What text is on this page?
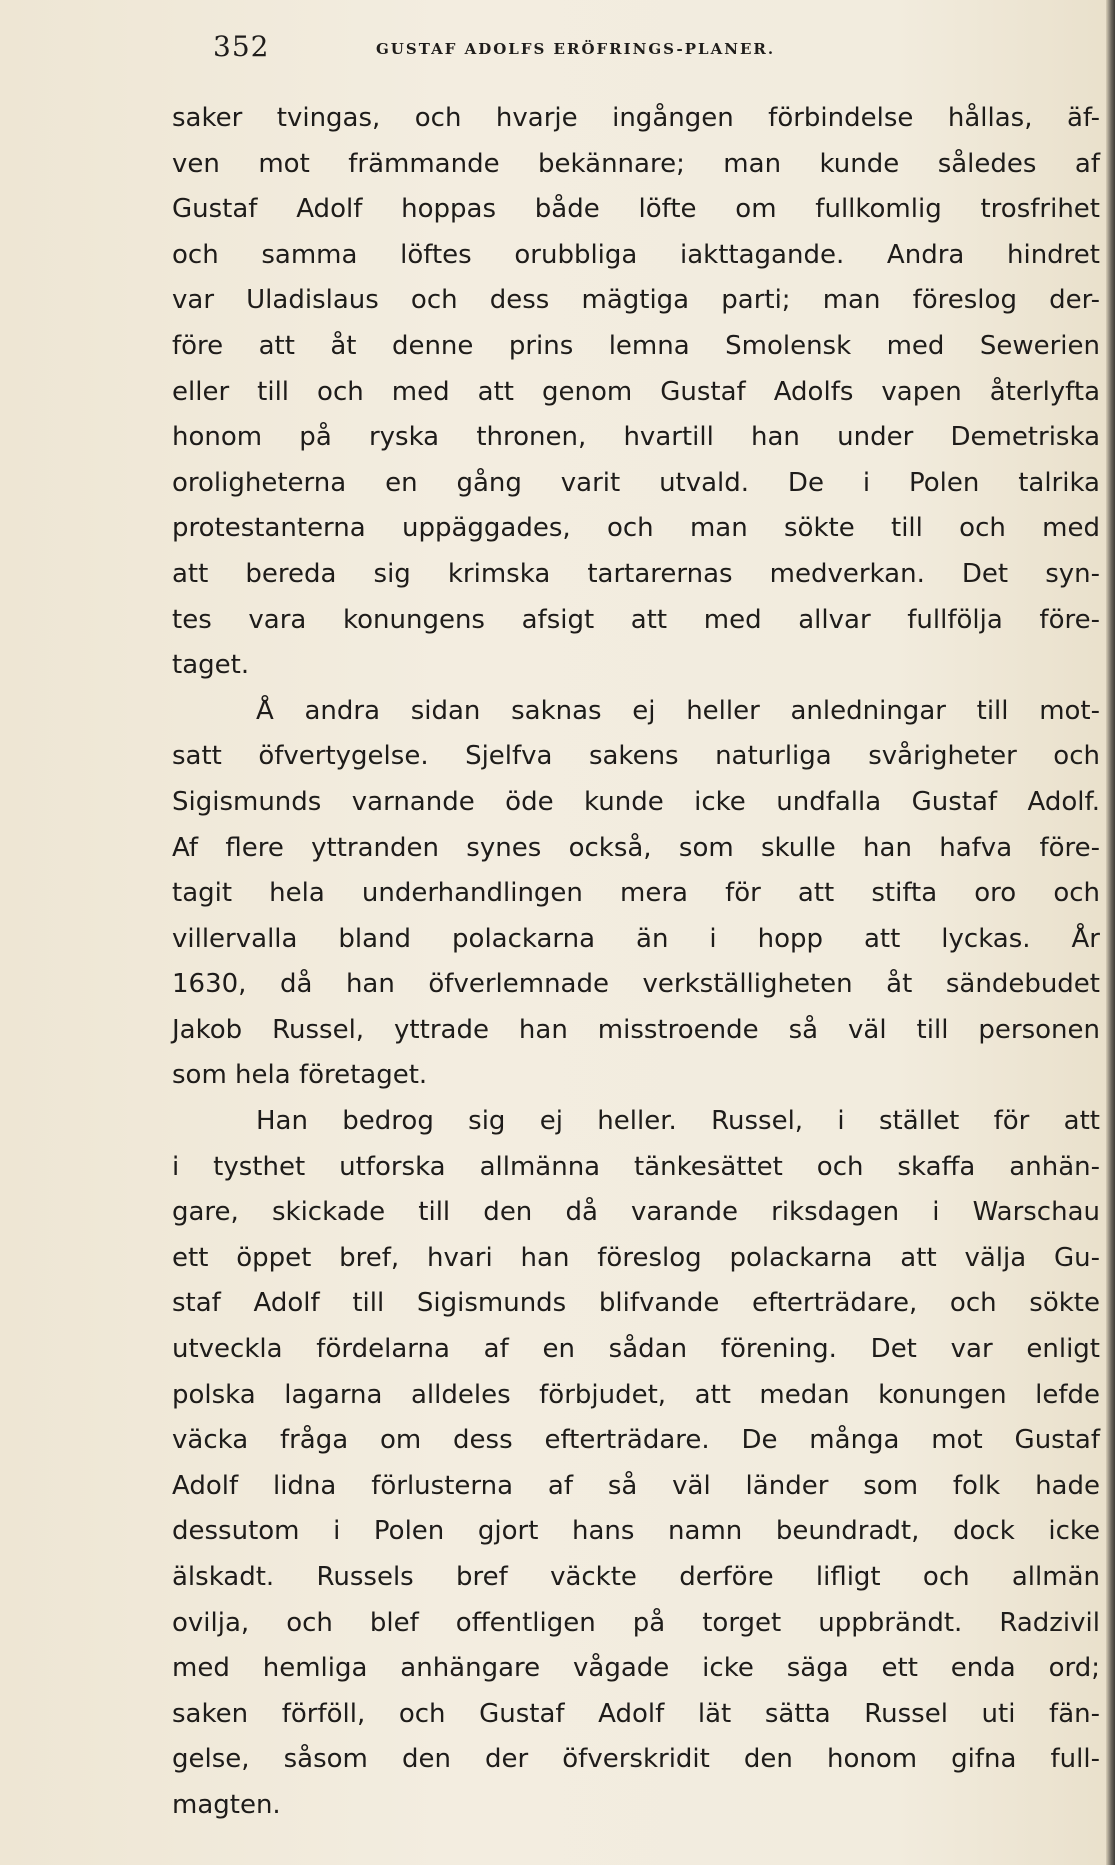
352	GUSTAF ADOLFS ERÖFRINGS-PLANER.
saker tvingas, och hvarje ingången förbindelse hållas, äf-
ven mot främmande bekännare; man kunde således af
Gustaf Adolf hoppas både löfte om fullkomlig trosfrihet
och samma löftes orubbliga iakttagande. Andra hindret
var Uladislaus och dess mägtiga parti; man föreslog der-
före att åt denne prins lemna Smolensk med Sewerien
eller till och med att genom Gustaf Adolfs vapen återlyfta
honom på ryska thronen, hvartill han under Demetriska
oroligheterna en gång varit utvald. De i Polen talrika
protestanterna uppäggades, och man sökte till och med
att bereda sig krimska tartarernas medverkan. Det syn-
tes vara konungens afsigt att med allvar fullfölja före-
taget.
Å andra sidan saknas ej heller anledningar till mot-
satt öfvertygelse. Sjelfva sakens naturliga svårigheter och
Sigismunds varnande öde kunde icke undfalla Gustaf Adolf.
Af flere yttranden synes också, som skulle han hafva före-
tagit hela underhandlingen mera för att stifta oro och
villervalla bland polackarna än i hopp att lyckas. År
1630, då han öfverlemnade verkställigheten åt sändebudet
Jakob Russel, yttrade han misstroende så väl till personen
som hela företaget.
Han bedrog sig ej heller. Russel, i stället för att
i tysthet utforska allmänna tänkesättet och skaffa anhän-
gare, skickade till den då varande riksdagen i Warschau
ett öppet bref, hvari han föreslog polackarna att välja Gu-
staf Adolf till Sigismunds blifvande efterträdare, och sökte
utveckla fördelarna af en sådan förening. Det var enligt
polska lagarna alldeles förbjudet, att medan konungen lefde
väcka fråga om dess efterträdare. De många mot Gustaf
Adolf lidna förlusterna af så väl länder som folk hade
dessutom i Polen gjort hans namn beundradt, dock icke
älskadt. Russels bref väckte derföre lifligt och allmän
ovilja, och blef offentligen på torget uppbrändt. Radzivil
med hemliga anhängare vågade icke säga ett enda ord;
saken förföll, och Gustaf Adolf lät sätta Russel uti fän-
gelse, såsom den der öfverskridit den honom gifna full-
magten.
